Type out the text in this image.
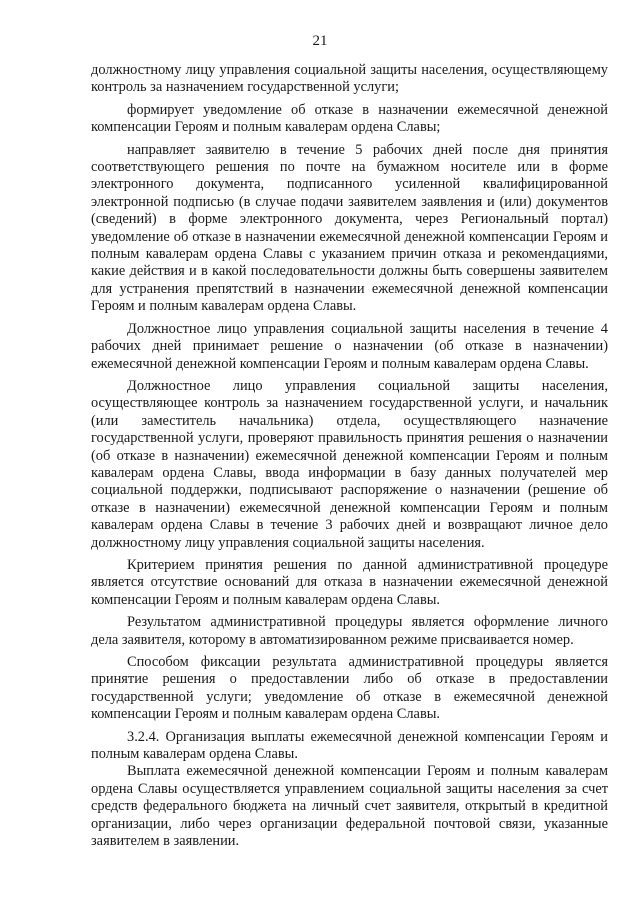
21

должностному лицу управления социальной защиты населения, осуществляющему контроль за назначением государственной услуги;

формирует уведомление об отказе в назначении ежемесячной денежной компенсации Героям и полным кавалерам ордена Славы;

направляет заявителю в течение 5 рабочих дней после дня принятия соответствующего решения по почте на бумажном носителе или в форме электронного документа, подписанного усиленной квалифицированной электронной подписью (в случае подачи заявителем заявления и (или) документов (сведений) в форме электронного документа, через Региональный портал) уведомление об отказе в назначении ежемесячной денежной компенсации Героям и полным кавалерам ордена Славы с указанием причин отказа и рекомендациями, какие действия и в какой последовательности должны быть совершены заявителем для устранения препятствий в назначении ежемесячной денежной компенсации Героям и полным кавалерам ордена Славы.

Должностное лицо управления социальной защиты населения в течение 4 рабочих дней принимает решение о назначении (об отказе в назначении) ежемесячной денежной компенсации Героям и полным кавалерам ордена Славы.

Должностное лицо управления социальной защиты населения, осуществляющее контроль за назначением государственной услуги, и начальник (или заместитель начальника) отдела, осуществляющего назначение государственной услуги, проверяют правильность принятия решения о назначении (об отказе в назначении) ежемесячной денежной компенсации Героям и полным кавалерам ордена Славы, ввода информации в базу данных получателей мер социальной поддержки, подписывают распоряжение о назначении (решение об отказе в назначении) ежемесячной денежной компенсации Героям и полным кавалерам ордена Славы в течение 3 рабочих дней и возвращают личное дело должностному лицу управления социальной защиты населения.

Критерием принятия решения по данной административной процедуре является отсутствие оснований для отказа в назначении ежемесячной денежной компенсации Героям и полным кавалерам ордена Славы.

Результатом административной процедуры является оформление личного дела заявителя, которому в автоматизированном режиме присваивается номер.

Способом фиксации результата административной процедуры является принятие решения о предоставлении либо об отказе в предоставлении государственной услуги; уведомление об отказе в ежемесячной денежной компенсации Героям и полным кавалерам ордена Славы.

3.2.4. Организация выплаты ежемесячной денежной компенсации Героям и полным кавалерам ордена Славы.

Выплата ежемесячной денежной компенсации Героям и полным кавалерам ордена Славы осуществляется управлением социальной защиты населения за счет средств федерального бюджета на личный счет заявителя, открытый в кредитной организации, либо через организации федеральной почтовой связи, указанные заявителем в заявлении.
